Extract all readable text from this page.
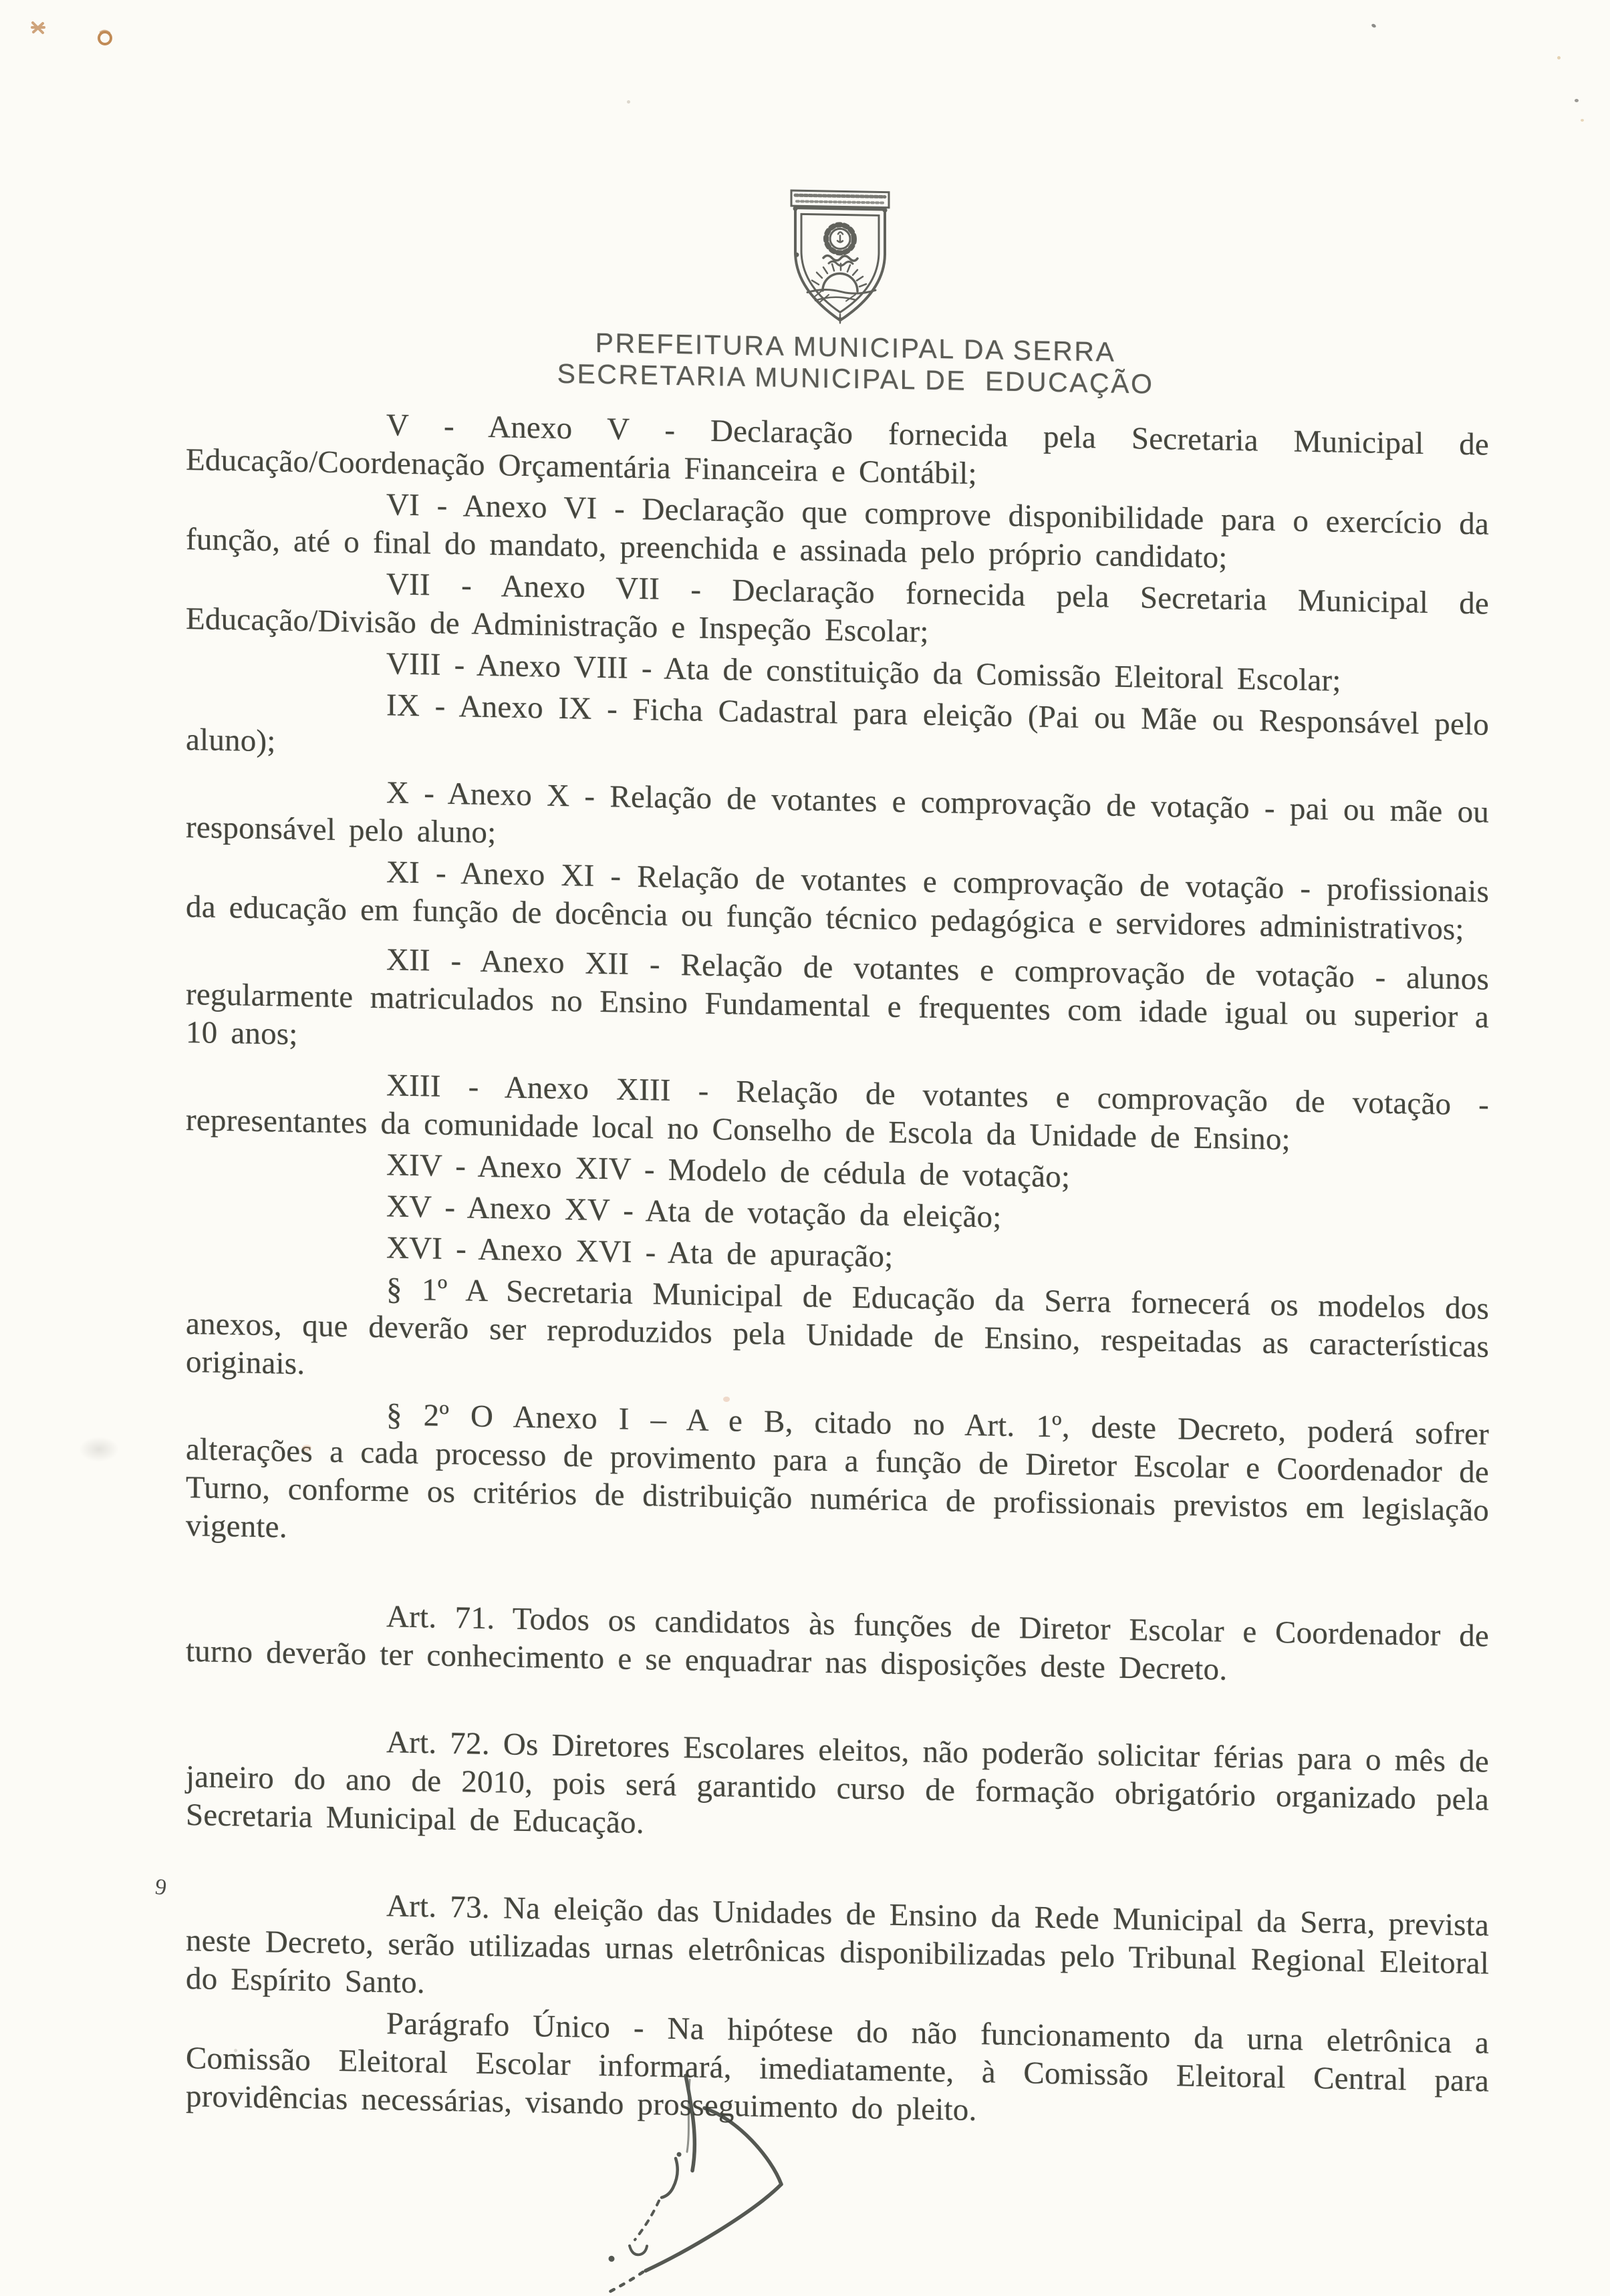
PREFEITURA MUNICIPAL DA SERRA
SECRETARIA MUNICIPAL DE  EDUCAÇÃO

V - Anexo V - Declaração fornecida pela Secretaria Municipal de Educação/Coordenação Orçamentária Financeira e Contábil;

VI - Anexo VI - Declaração que comprove disponibilidade para o exercício da função, até o final do mandato, preenchida e assinada pelo próprio candidato;

VII - Anexo VII - Declaração fornecida pela Secretaria Municipal de Educação/Divisão de Administração e Inspeção Escolar;

VIII - Anexo VIII - Ata de constituição da Comissão Eleitoral Escolar;

IX - Anexo IX - Ficha Cadastral para eleição (Pai ou Mãe ou Responsável pelo aluno);

X - Anexo X - Relação de votantes e comprovação de votação - pai ou mãe ou responsável pelo aluno;

XI - Anexo XI - Relação de votantes e comprovação de votação - profissionais da educação em função de docência ou função técnico pedagógica e servidores administrativos;

XII - Anexo XII - Relação de votantes e comprovação de votação - alunos regularmente matriculados no Ensino Fundamental e frequentes com idade igual ou superior a 10 anos;

XIII - Anexo XIII - Relação de votantes e comprovação de votação - representantes da comunidade local no Conselho de Escola da Unidade de Ensino;

XIV - Anexo XIV - Modelo de cédula de votação;

XV - Anexo XV - Ata de votação da eleição;

XVI - Anexo XVI - Ata de apuração;

§ 1º A Secretaria Municipal de Educação da Serra fornecerá os modelos dos anexos, que deverão ser reproduzidos pela Unidade de Ensino, respeitadas as características originais.

§ 2º O Anexo I – A e B, citado no Art. 1º, deste Decreto, poderá sofrer alterações a cada processo de provimento para a função de Diretor Escolar e Coordenador de Turno, conforme os critérios de distribuição numérica de profissionais previstos em legislação vigente.

Art. 71. Todos os candidatos às funções de Diretor Escolar e Coordenador de turno deverão ter conhecimento e se enquadrar nas disposições deste Decreto.

Art. 72. Os Diretores Escolares eleitos, não poderão solicitar férias para o mês de janeiro do ano de 2010, pois será garantido curso de formação obrigatório organizado pela Secretaria Municipal de Educação.

Art. 73. Na eleição das Unidades de Ensino da Rede Municipal da Serra, prevista neste Decreto, serão utilizadas urnas eletrônicas disponibilizadas pelo Tribunal Regional Eleitoral do Espírito Santo.

Parágrafo Único - Na hipótese do não funcionamento da urna eletrônica a Comissão Eleitoral Escolar informará, imediatamente, à Comissão Eleitoral Central para providências necessárias, visando prosseguimento do pleito.

9
